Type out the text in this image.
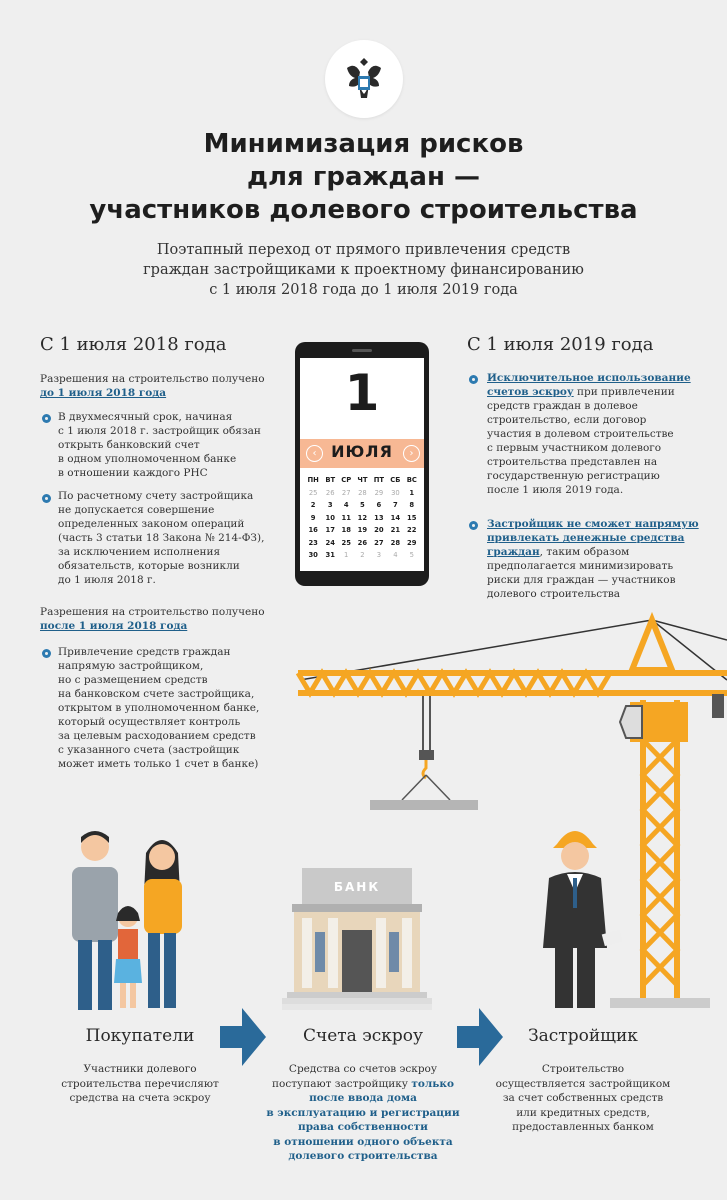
Минимизация рисков
для граждан —
участников долевого строительства
Поэтапный переход от прямого привлечения средств
граждан застройщиками к проектному финансированию
с 1 июля 2018 года до 1 июля 2019 года
С 1 июля 2018 года
Разрешения на строительство получено
до 1 июля 2018 года
В двухмесячный срок, начиная
с 1 июля 2018 г. застройщик обязан
открыть банковский счет
в одном уполномоченном банке
в отношении каждого РНС
По расчетному счету застройщика
не допускается совершение
определенных законом операций
(часть 3 статьи 18 Закона № 214-ФЗ),
за исключением исполнения
обязательств, которые возникли
до 1 июля 2018 г.
Разрешения на строительство получено
после 1 июля 2018 года
Привлечение средств граждан
напрямую застройщиком,
но с размещением средств
на банковском счете застройщика,
открытом в уполномоченном банке,
который осуществляет контроль
за целевым расходованием средств
с указанного счета (застройщик
может иметь только 1 счет в банке)
1
ИЮЛЯ
‹	›
ПН	ВТ	СР	ЧТ	ПТ	СБ	ВС
25	26	27	28	29	30	1
2	3	4	5	6	7	8
9	10	11	12	13	14	15
16	17	18	19	20	21	22
23	24	25	26	27	28	29
30	31	1	2	3	4	5
С 1 июля 2019 года
Исключительное использование
счетов эскроу при привлечении
средств граждан в долевое
строительство, если договор
участия в долевом строительстве
с первым участником долевого
строительства представлен на
государственную регистрацию
после 1 июля 2019 года.
Застройщик не сможет напрямую
привлекать денежные средства
граждан, таким образом
предполагается минимизировать
риски для граждан — участников
долевого строительства
БАНК
Покупатели	Счета эскроу	Застройщик
Участники долевого
строительства перечисляют
средства на счета эскроу
Средства со счетов эскроу
поступают застройщику только
после ввода дома
в эксплуатацию и регистрации
права собственности
в отношении одного объекта
долевого строительства
Строительство
осуществляется застройщиком
за счет собственных средств
или кредитных средств,
предоставленных банком
